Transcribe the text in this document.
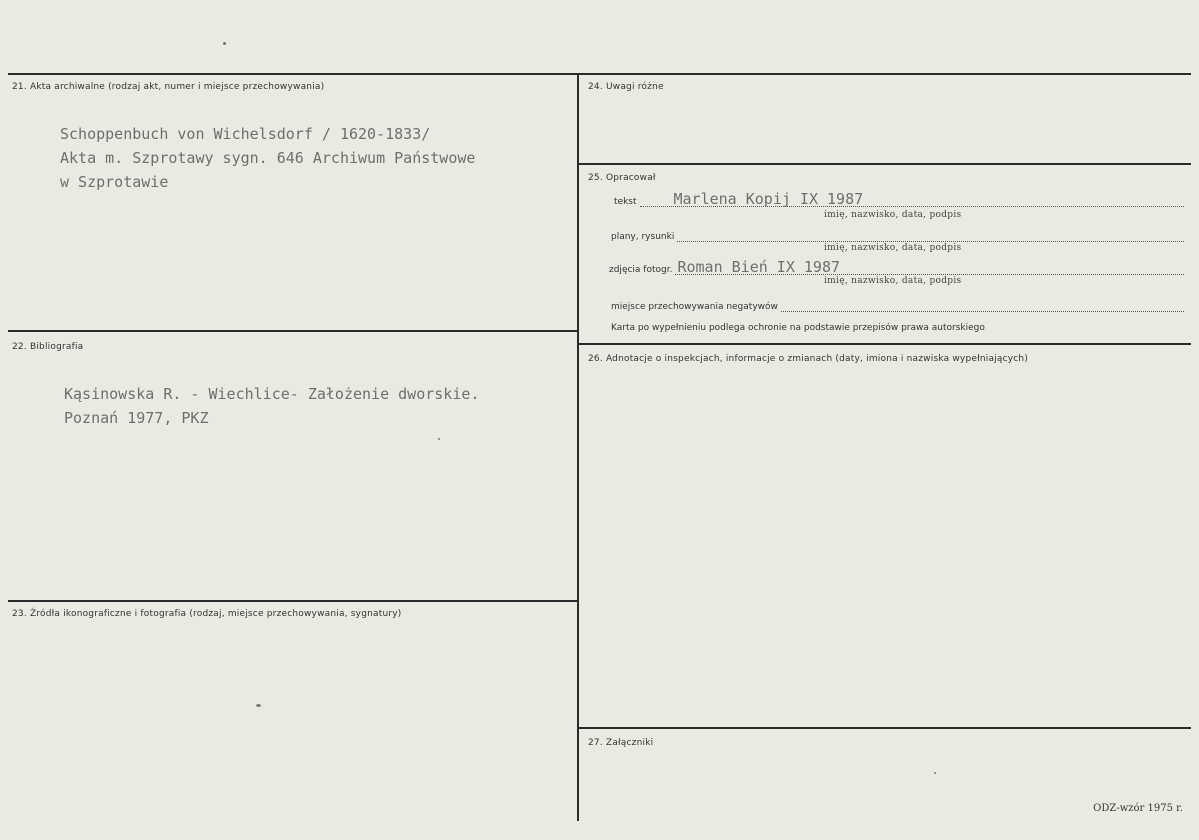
21. Akta archiwalne (rodzaj akt, numer i miejsce przechowywania)
Schoppenbuch von Wichelsdorf / 1620-1833/
Akta m. Szprotawy sygn. 646 Archiwum Państwowe
w Szprotawie
22. Bibliografia
Kąsinowska R. - Wiechlice- Założenie dworskie.
Poznań 1977, PKZ
23. Źródła ikonograficzne i fotografia (rodzaj, miejsce przechowywania, sygnatury)
24. Uwagi różne
25. Opracował
tekst Marlena Kopij IX 1987
imię, nazwisko, data, podpis
plany, rysunki
imię, nazwisko, data, podpis
zdjęcia fotogr. Roman Bień IX 1987
imię, nazwisko, data, podpis
miejsce przechowywania negatywów
Karta po wypełnieniu podlega ochronie na podstawie przepisów prawa autorskiego
26. Adnotacje o inspekcjach, informacje o zmianach (daty, imiona i nazwiska wypełniających)
27. Załączniki
ODZ-wzór 1975 r.
